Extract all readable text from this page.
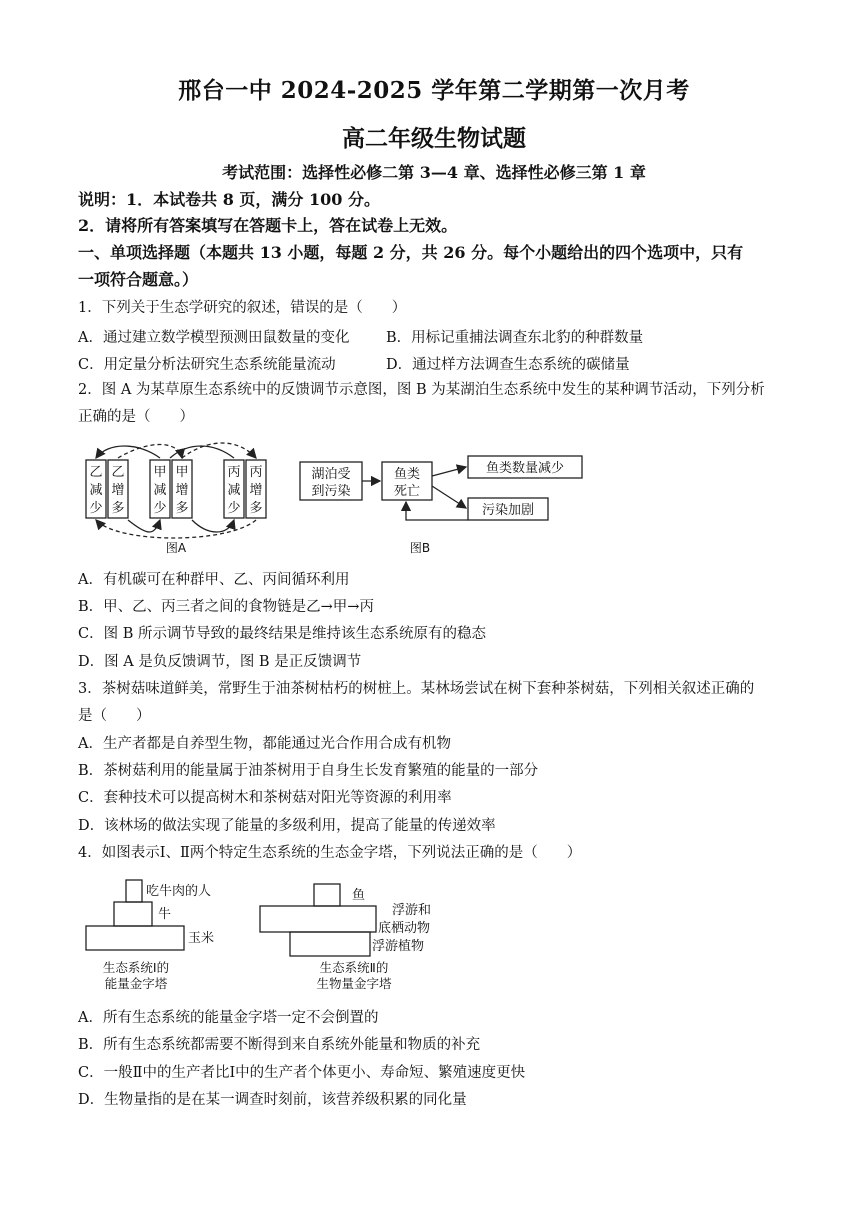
邢台一中 2024-2025 学年第二学期第一次月考
高二年级生物试题
考试范围：选择性必修二第 3—4 章、选择性必修三第 1 章
说明：1．本试卷共 8 页，满分 100 分。
2．请将所有答案填写在答题卡上，答在试卷上无效。
一、单项选择题（本题共 13 小题，每题 2 分，共 26 分。每个小题给出的四个选项中，只有
一项符合题意。）
1．下列关于生态学研究的叙述，错误的是（　　）
A．通过建立数学模型预测田鼠数量的变化	B．用标记重捕法调查东北豹的种群数量
C．用定量分析法研究生态系统能量流动	D．通过样方法调查生态系统的碳储量
2．图 A 为某草原生态系统中的反馈调节示意图，图 B 为某湖泊生态系统中发生的某种调节活动，下列分析
正确的是（　　）
乙
减
少
乙
增
多
甲
减
少
甲
增
多
丙
减
少
丙
增
多
图A
湖泊受
到污染
鱼类
死亡
鱼类数量减少
污染加剧
图B
A．有机碳可在种群甲、乙、丙间循环利用
B．甲、乙、丙三者之间的食物链是乙→甲→丙
C．图 B 所示调节导致的最终结果是维持该生态系统原有的稳态
D．图 A 是负反馈调节，图 B 是正反馈调节
3．茶树菇味道鲜美，常野生于油茶树枯朽的树桩上。某林场尝试在树下套种茶树菇，下列相关叙述正确的
是（　　）
A．生产者都是自养型生物，都能通过光合作用合成有机物
B．茶树菇利用的能量属于油茶树用于自身生长发育繁殖的能量的一部分
C．套种技术可以提高树木和茶树菇对阳光等资源的利用率
D．该林场的做法实现了能量的多级利用，提高了能量的传递效率
4．如图表示Ⅰ、Ⅱ两个特定生态系统的生态金字塔，下列说法正确的是（　　）
吃牛肉的人
牛
玉米
生态系统Ⅰ的
能量金字塔
鱼
浮游和
底栖动物
浮游植物
生态系统Ⅱ的
生物量金字塔
A．所有生态系统的能量金字塔一定不会倒置的
B．所有生态系统都需要不断得到来自系统外能量和物质的补充
C．一般Ⅱ中的生产者比Ⅰ中的生产者个体更小、寿命短、繁殖速度更快
D．生物量指的是在某一调查时刻前，该营养级积累的同化量
